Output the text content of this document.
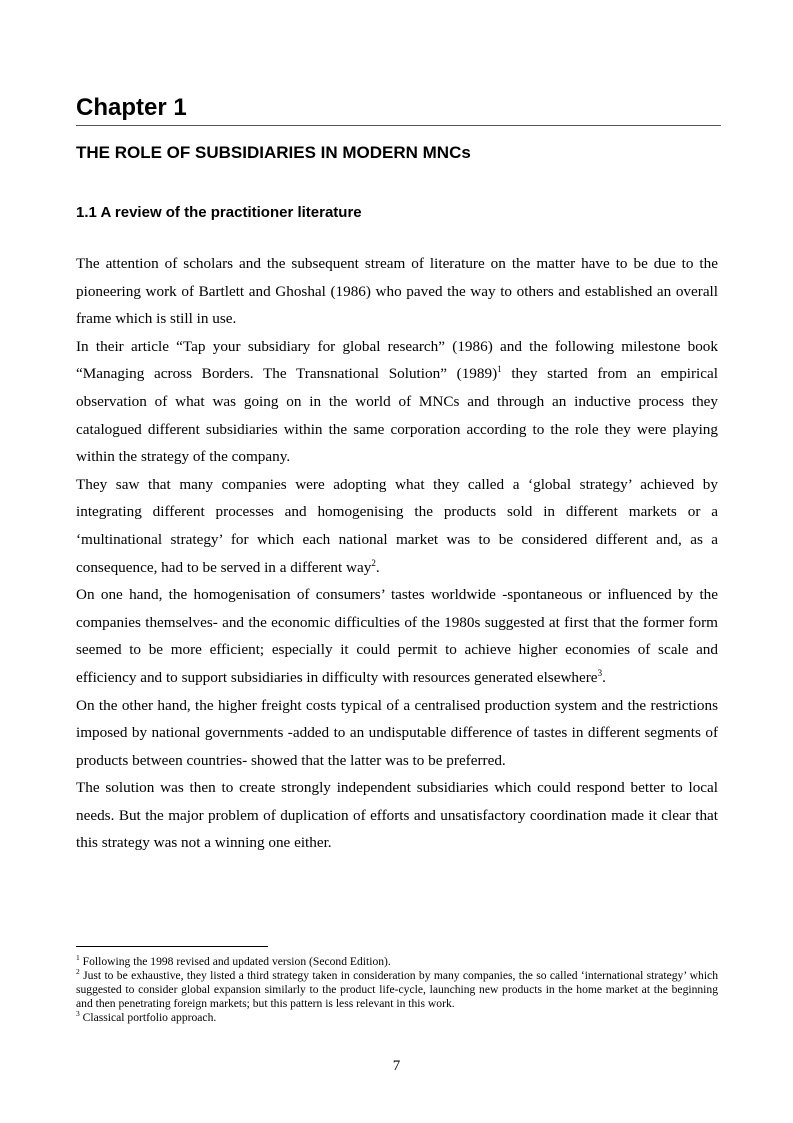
Chapter 1
THE ROLE OF SUBSIDIARIES IN MODERN MNCs
1.1 A review of the practitioner literature

The attention of scholars and the subsequent stream of literature on the matter have to be due to the pioneering work of Bartlett and Ghoshal (1986) who paved the way to others and established an overall frame which is still in use.

In their article “Tap your subsidiary for global research” (1986) and the following milestone book “Managing across Borders. The Transnational Solution” $(1989)^1$ they started from an empirical observation of what was going on in the world of MNCs and through an inductive process they catalogued different subsidiaries within the same corporation according to the role they were playing within the strategy of the company.

They saw that many companies were adopting what they called a ‘global strategy’ achieved by integrating different processes and homogenising the products sold in different markets or a ‘multinational strategy’ for which each national market was to be considered different and, as a consequence, had to be served in a different way$^2$.

On one hand, the homogenisation of consumers’ tastes worldwide -spontaneous or influenced by the companies themselves- and the economic difficulties of the 1980s suggested at first that the former form seemed to be more efficient; especially it could permit to achieve higher economies of scale and efficiency and to support subsidiaries in difficulty with resources generated elsewhere$^3$.

On the other hand, the higher freight costs typical of a centralised production system and the restrictions imposed by national governments -added to an undisputable difference of tastes in different segments of products between countries- showed that the latter was to be preferred.

The solution was then to create strongly independent subsidiaries which could respond better to local needs. But the major problem of duplication of efforts and unsatisfactory coordination made it clear that this strategy was not a winning one either.

$^1$ Following the 1998 revised and updated version (Second Edition).

$^2$ Just to be exhaustive, they listed a third strategy taken in consideration by many companies, the so called ‘international strategy’ which suggested to consider global expansion similarly to the product life-cycle, launching new products in the home market at the beginning and then penetrating foreign markets; but this pattern is less relevant in this work.

$^3$ Classical portfolio approach.

7
